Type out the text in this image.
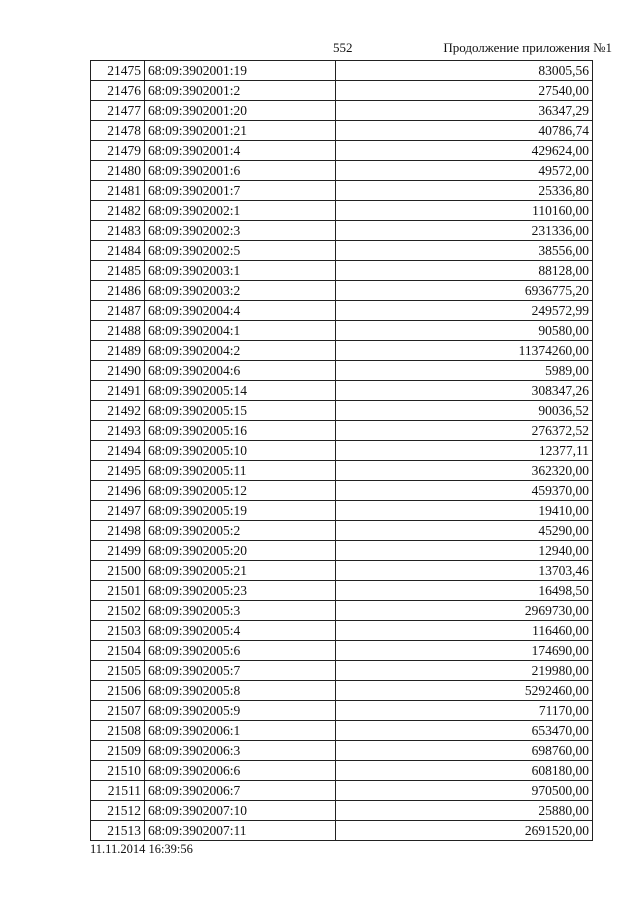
552	Продолжение приложения №1
21475	68:09:3902001:19	83005,56
21476	68:09:3902001:2	27540,00
21477	68:09:3902001:20	36347,29
21478	68:09:3902001:21	40786,74
21479	68:09:3902001:4	429624,00
21480	68:09:3902001:6	49572,00
21481	68:09:3902001:7	25336,80
21482	68:09:3902002:1	110160,00
21483	68:09:3902002:3	231336,00
21484	68:09:3902002:5	38556,00
21485	68:09:3902003:1	88128,00
21486	68:09:3902003:2	6936775,20
21487	68:09:3902004:4	249572,99
21488	68:09:3902004:1	90580,00
21489	68:09:3902004:2	11374260,00
21490	68:09:3902004:6	5989,00
21491	68:09:3902005:14	308347,26
21492	68:09:3902005:15	90036,52
21493	68:09:3902005:16	276372,52
21494	68:09:3902005:10	12377,11
21495	68:09:3902005:11	362320,00
21496	68:09:3902005:12	459370,00
21497	68:09:3902005:19	19410,00
21498	68:09:3902005:2	45290,00
21499	68:09:3902005:20	12940,00
21500	68:09:3902005:21	13703,46
21501	68:09:3902005:23	16498,50
21502	68:09:3902005:3	2969730,00
21503	68:09:3902005:4	116460,00
21504	68:09:3902005:6	174690,00
21505	68:09:3902005:7	219980,00
21506	68:09:3902005:8	5292460,00
21507	68:09:3902005:9	71170,00
21508	68:09:3902006:1	653470,00
21509	68:09:3902006:3	698760,00
21510	68:09:3902006:6	608180,00
21511	68:09:3902006:7	970500,00
21512	68:09:3902007:10	25880,00
21513	68:09:3902007:11	2691520,00
11.11.2014 16:39:56
